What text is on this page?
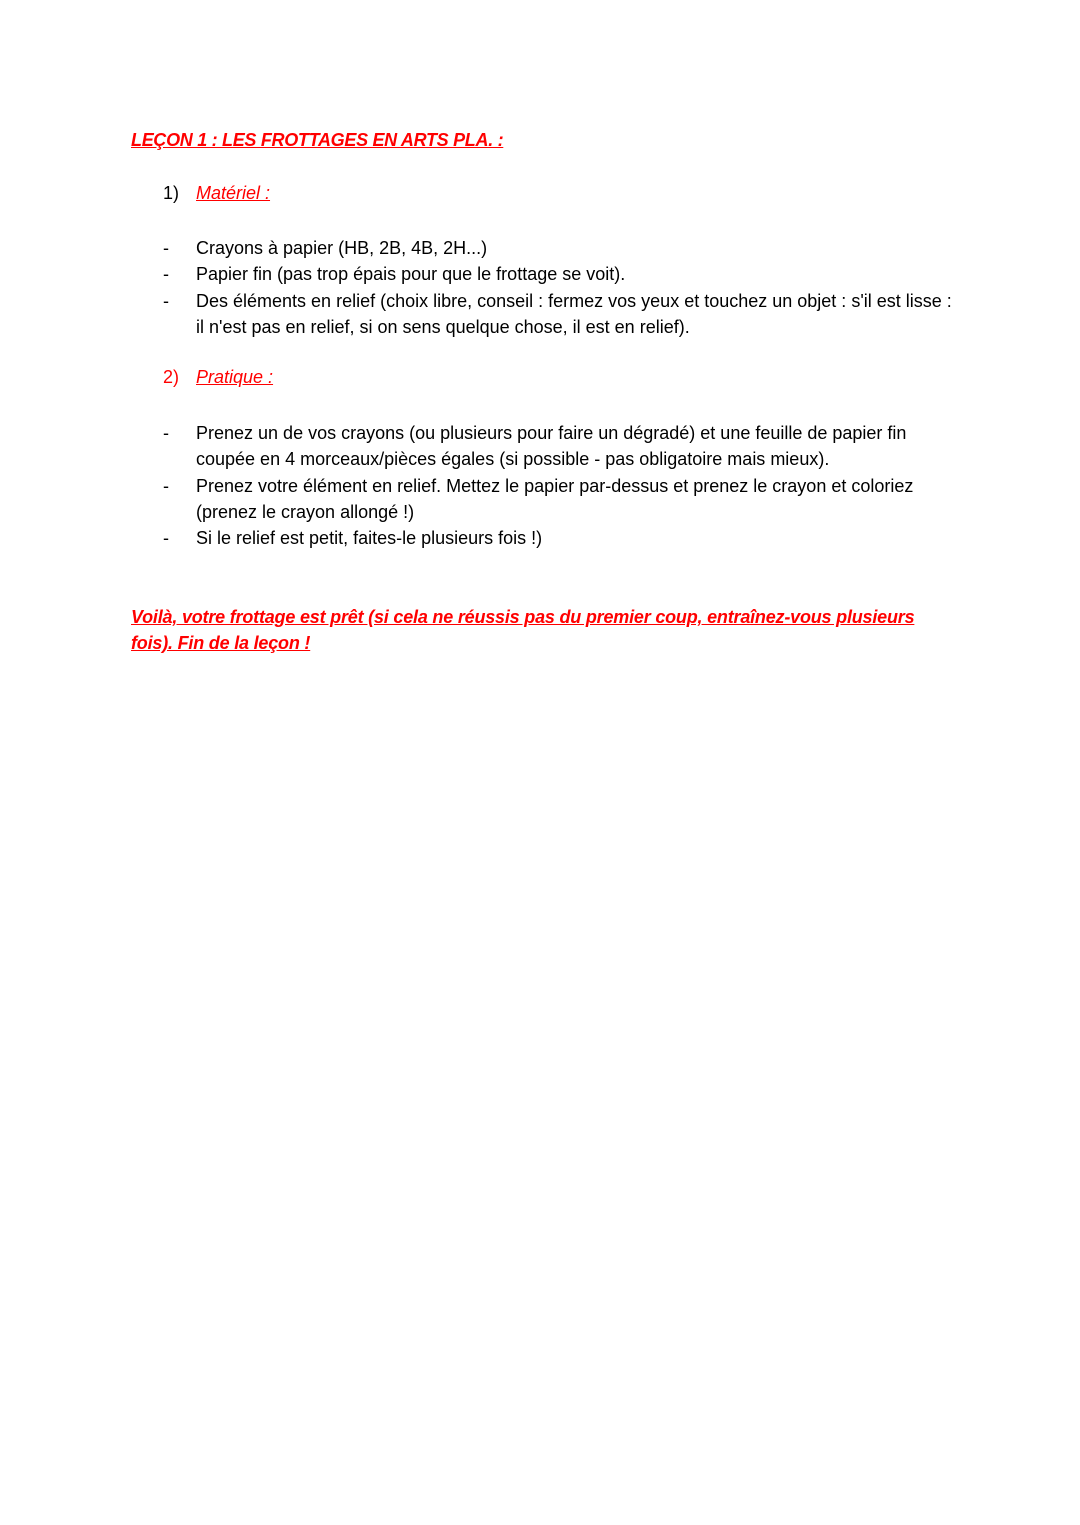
LEÇON 1 : LES FROTTAGES EN ARTS PLA. :
1) Matériel :
- Crayons à papier (HB, 2B, 4B, 2H...)
- Papier fin (pas trop épais pour que le frottage se voit).
- Des éléments en relief (choix libre, conseil : fermez vos yeux et touchez un objet : s'il est lisse : il n'est pas en relief, si on sens quelque chose, il est en relief).
2) Pratique :
- Prenez un de vos crayons (ou plusieurs pour faire un dégradé) et une feuille de papier fin coupée en 4 morceaux/pièces égales (si possible - pas obligatoire mais mieux).
- Prenez votre élément en relief. Mettez le papier par-dessus et prenez le crayon et coloriez (prenez le crayon allongé !)
- Si le relief est petit, faites-le plusieurs fois !)
Voilà, votre frottage est prêt (si cela ne réussis pas du premier coup, entraînez-vous plusieurs fois). Fin de la leçon !
